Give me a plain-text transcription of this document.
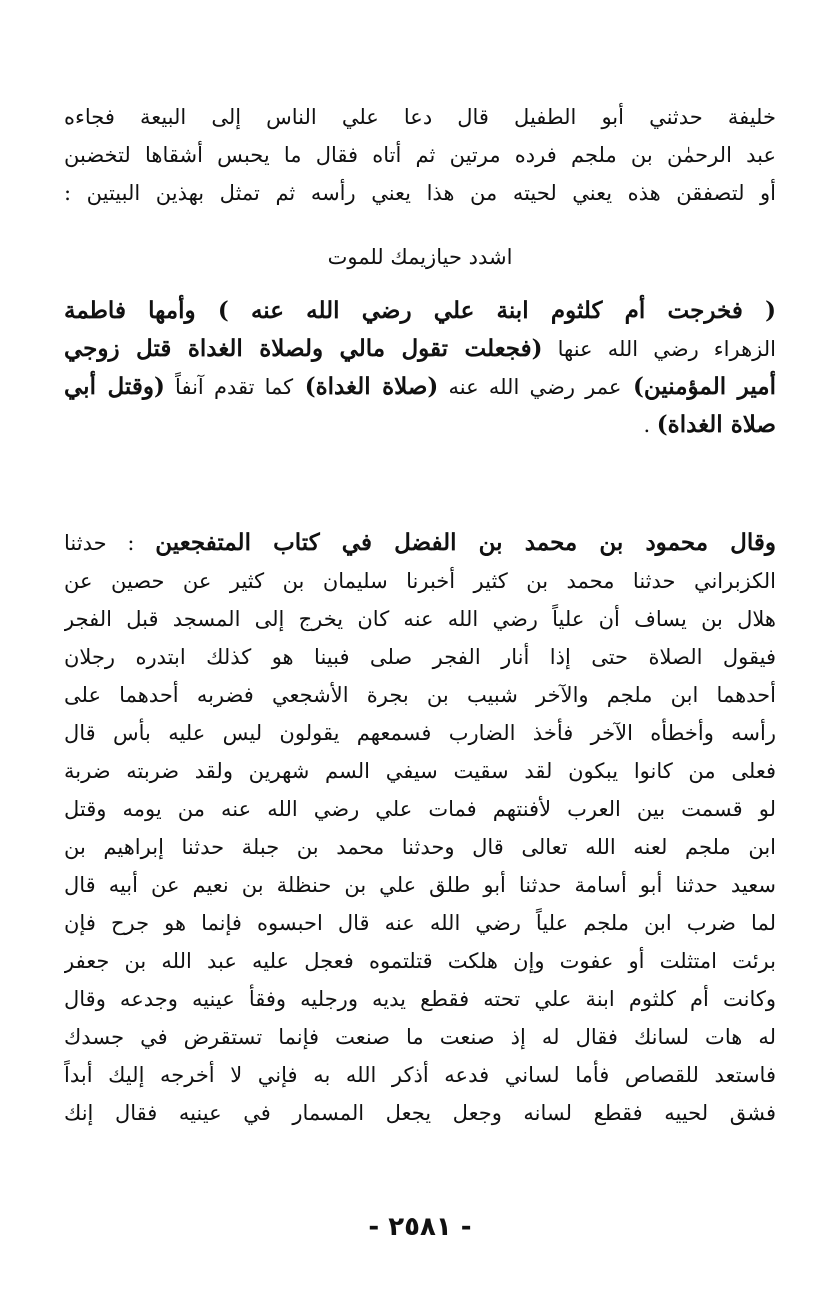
خليفة حدثني أبو الطفيل قال دعا علي الناس إلى البيعة فجاءه
عبد الرحمٰن بن ملجم فرده مرتين ثم أتاه فقال ما يحبس أشقاها لتخضبن
أو لتصفقن هذه يعني لحيته من هذا يعني رأسه ثم تمثل بهذين البيتين :
اشدد حيازيمك للموت
( فخرجت أم كلثوم ابنة علي رضي الله عنه ) وأمها فاطمة
الزهراء رضي الله عنها (فجعلت تقول مالي ولصلاة الغداة قتل زوجي
أمير المؤمنين) عمر رضي الله عنه (صلاة الغداة) كما تقدم آنفاً (وقتل أبي
صلاة الغداة) .
وقال محمود بن محمد بن الفضل في كتاب المتفجعين : حدثنا
الكزبراني حدثنا محمد بن كثير أخبرنا سليمان بن كثير عن حصين عن
هلال بن يساف أن علياً رضي الله عنه كان يخرج إلى المسجد قبل الفجر
فيقول الصلاة حتى إذا أنار الفجر صلى فبينا هو كذلك ابتدره رجلان
أحدهما ابن ملجم والآخر شبيب بن بجرة الأشجعي فضربه أحدهما على
رأسه وأخطأه الآخر فأخذ الضارب فسمعهم يقولون ليس عليه بأس قال
فعلى من كانوا يبكون لقد سقيت سيفي السم شهرين ولقد ضربته ضربة
لو قسمت بين العرب لأفنتهم فمات علي رضي الله عنه من يومه وقتل
ابن ملجم لعنه الله تعالى قال وحدثنا محمد بن جبلة حدثنا إبراهيم بن
سعيد حدثنا أبو أسامة حدثنا أبو طلق علي بن حنظلة بن نعيم عن أبيه قال
لما ضرب ابن ملجم علياً رضي الله عنه قال احبسوه فإنما هو جرح فإن
برئت امتثلت أو عفوت وإن هلكت قتلتموه فعجل عليه عبد الله بن جعفر
وكانت أم كلثوم ابنة علي تحته فقطع يديه ورجليه وفقأ عينيه وجدعه وقال
له هات لسانك فقال له إذ صنعت ما صنعت فإنما تستقرض في جسدك
فاستعد للقصاص فأما لساني فدعه أذكر الله به فإني لا أخرجه إليك أبداً
فشق لحييه فقطع لسانه وجعل يجعل المسمار في عينيه فقال إنك
- ٢٥٨١ -
